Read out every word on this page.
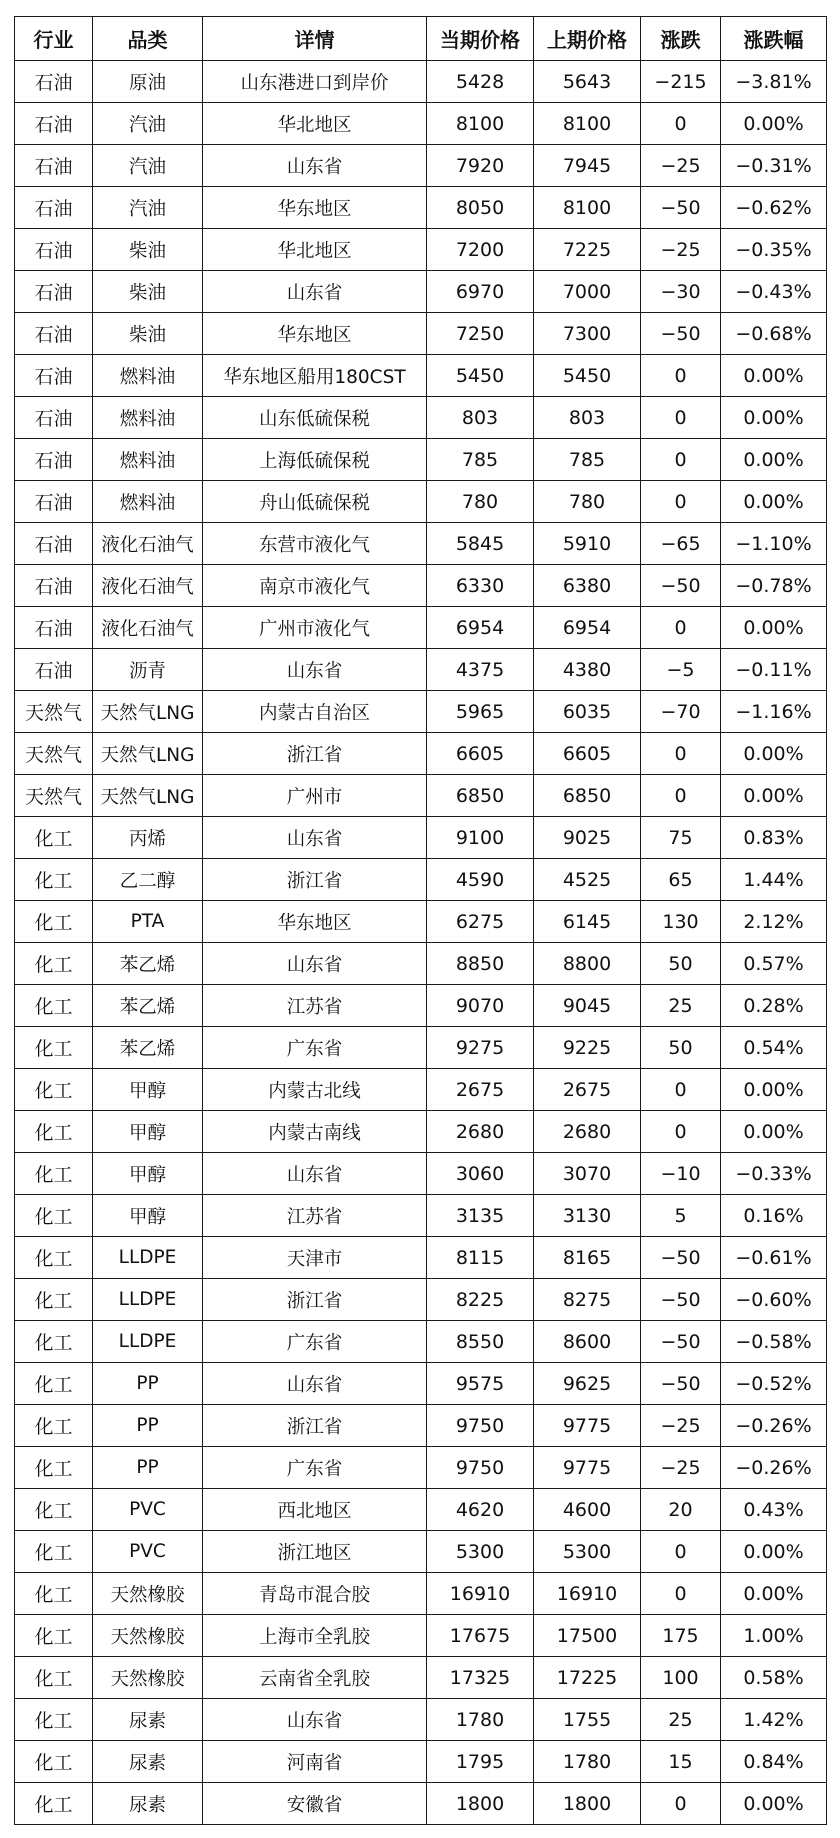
行业	品类	详情	当期价格	上期价格	涨跌	涨跌幅
石油	原油	山东港进口到岸价	5428	5643	−215	−3.81%
石油	汽油	华北地区	8100	8100	0	0.00%
石油	汽油	山东省	7920	7945	−25	−0.31%
石油	汽油	华东地区	8050	8100	−50	−0.62%
石油	柴油	华北地区	7200	7225	−25	−0.35%
石油	柴油	山东省	6970	7000	−30	−0.43%
石油	柴油	华东地区	7250	7300	−50	−0.68%
石油	燃料油	华东地区船用180CST	5450	5450	0	0.00%
石油	燃料油	山东低硫保税	803	803	0	0.00%
石油	燃料油	上海低硫保税	785	785	0	0.00%
石油	燃料油	舟山低硫保税	780	780	0	0.00%
石油	液化石油气	东营市液化气	5845	5910	−65	−1.10%
石油	液化石油气	南京市液化气	6330	6380	−50	−0.78%
石油	液化石油气	广州市液化气	6954	6954	0	0.00%
石油	沥青	山东省	4375	4380	−5	−0.11%
天然气	天然气LNG	内蒙古自治区	5965	6035	−70	−1.16%
天然气	天然气LNG	浙江省	6605	6605	0	0.00%
天然气	天然气LNG	广州市	6850	6850	0	0.00%
化工	丙烯	山东省	9100	9025	75	0.83%
化工	乙二醇	浙江省	4590	4525	65	1.44%
化工	PTA	华东地区	6275	6145	130	2.12%
化工	苯乙烯	山东省	8850	8800	50	0.57%
化工	苯乙烯	江苏省	9070	9045	25	0.28%
化工	苯乙烯	广东省	9275	9225	50	0.54%
化工	甲醇	内蒙古北线	2675	2675	0	0.00%
化工	甲醇	内蒙古南线	2680	2680	0	0.00%
化工	甲醇	山东省	3060	3070	−10	−0.33%
化工	甲醇	江苏省	3135	3130	5	0.16%
化工	LLDPE	天津市	8115	8165	−50	−0.61%
化工	LLDPE	浙江省	8225	8275	−50	−0.60%
化工	LLDPE	广东省	8550	8600	−50	−0.58%
化工	PP	山东省	9575	9625	−50	−0.52%
化工	PP	浙江省	9750	9775	−25	−0.26%
化工	PP	广东省	9750	9775	−25	−0.26%
化工	PVC	西北地区	4620	4600	20	0.43%
化工	PVC	浙江地区	5300	5300	0	0.00%
化工	天然橡胶	青岛市混合胶	16910	16910	0	0.00%
化工	天然橡胶	上海市全乳胶	17675	17500	175	1.00%
化工	天然橡胶	云南省全乳胶	17325	17225	100	0.58%
化工	尿素	山东省	1780	1755	25	1.42%
化工	尿素	河南省	1795	1780	15	0.84%
化工	尿素	安徽省	1800	1800	0	0.00%
